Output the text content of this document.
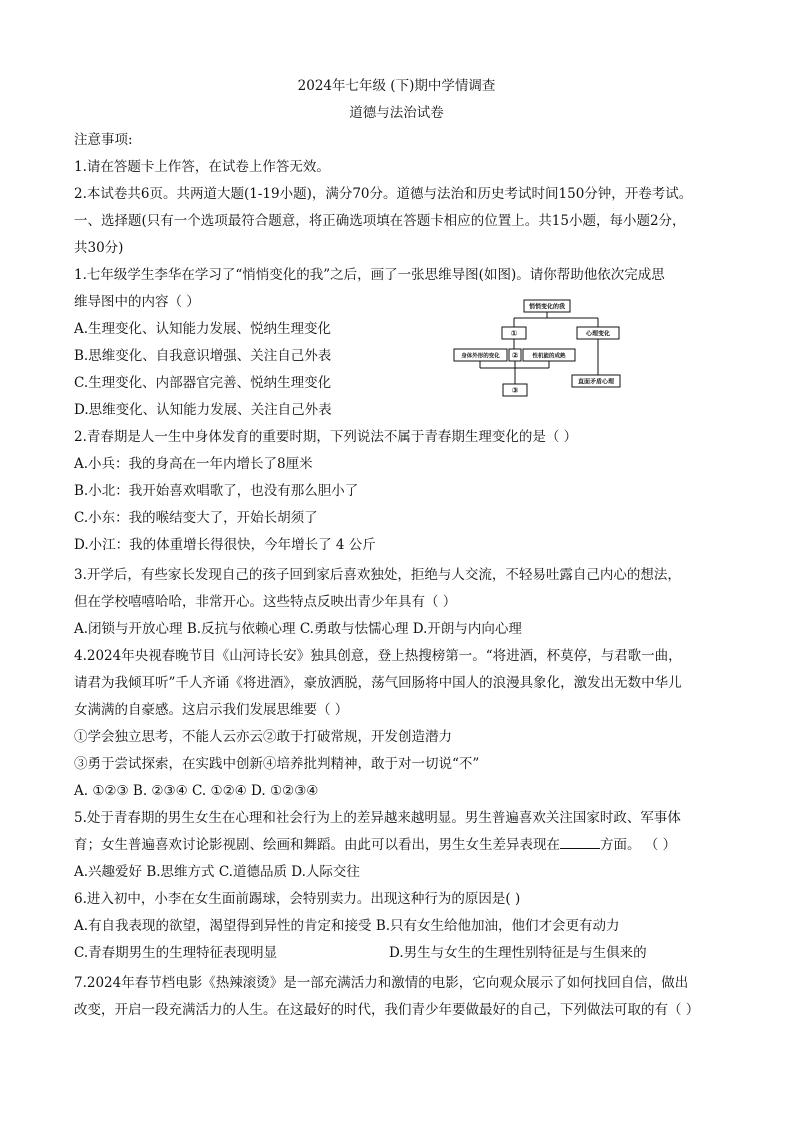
2024年七年级 (下)期中学情调查
道德与法治试卷
注意事项:
1.请在答题卡上作答，在试卷上作答无效。
2.本试卷共6页。共两道大题(1-19小题)，满分70分。道德与法治和历史考试时间150分钟，开卷考试。
一、选择题(只有一个选项最符合题意，将正确选项填在答题卡相应的位置上。共15小题，每小题2分，
共30分)
1.七年级学生李华在学习了“悄悄变化的我”之后，画了一张思维导图(如图)。请你帮助他依次完成思
维导图中的内容（ ）
A.生理变化、认知能力发展、悦纳生理变化
B.思维变化、自我意识增强、关注自己外表
C.生理变化、内部器官完善、悦纳生理变化
D.思维变化、认知能力发展、关注自己外表
悄悄变化的我
①	心理变化
身体外形的变化 ②	性机能的成熟
③
直面矛盾心理
2.青春期是人一生中身体发育的重要时期，下列说法不属于青春期生理变化的是（ ）
A.小兵：我的身高在一年内增长了8厘米
B.小北：我开始喜欢唱歌了，也没有那么胆小了
C.小东：我的喉结变大了，开始长胡须了
D.小江：我的体重增长得很快，今年增长了 4 公斤
3.开学后，有些家长发现自己的孩子回到家后喜欢独处，拒绝与人交流，不轻易吐露自己内心的想法，
但在学校嘻嘻哈哈，非常开心。这些特点反映出青少年具有（ ）
A.闭锁与开放心理 B.反抗与依赖心理 C.勇敢与怯懦心理 D.开朗与内向心理
4.2024年央视春晚节目《山河诗长安》独具创意，登上热搜榜第一。“将进酒，杯莫停，与君歌一曲，
请君为我倾耳听”千人齐诵《将进酒》，豪放洒脱，荡气回肠将中国人的浪漫具象化，激发出无数中华儿
女满满的自豪感。这启示我们发展思维要（ ）
①学会独立思考，不能人云亦云②敢于打破常规，开发创造潜力
③勇于尝试探索，在实践中创新④培养批判精神，敢于对一切说“不”
A. ①②③ B. ②③④ C. ①②④ D. ①②③④
5.处于青春期的男生女生在心理和社会行为上的差异越来越明显。男生普遍喜欢关注国家时政、军事体
育；女生普遍喜欢讨论影视剧、绘画和舞蹈。由此可以看出，男生女生差异表现在	方面。 （ ）
A.兴趣爱好 B.思维方式 C.道德品质 D.人际交往
6.进入初中，小李在女生面前踢球，会特别卖力。出现这种行为的原因是( )
A.有自我表现的欲望，渴望得到异性的肯定和接受 B.只有女生给他加油，他们才会更有动力
C.青春期男生的生理特征表现明显	D.男生与女生的生理性别特征是与生俱来的
7.2024年春节档电影《热辣滚烫》是一部充满活力和激情的电影，它向观众展示了如何找回自信，做出
改变，开启一段充满活力的人生。在这最好的时代，我们青少年要做最好的自己，下列做法可取的有（ ）
